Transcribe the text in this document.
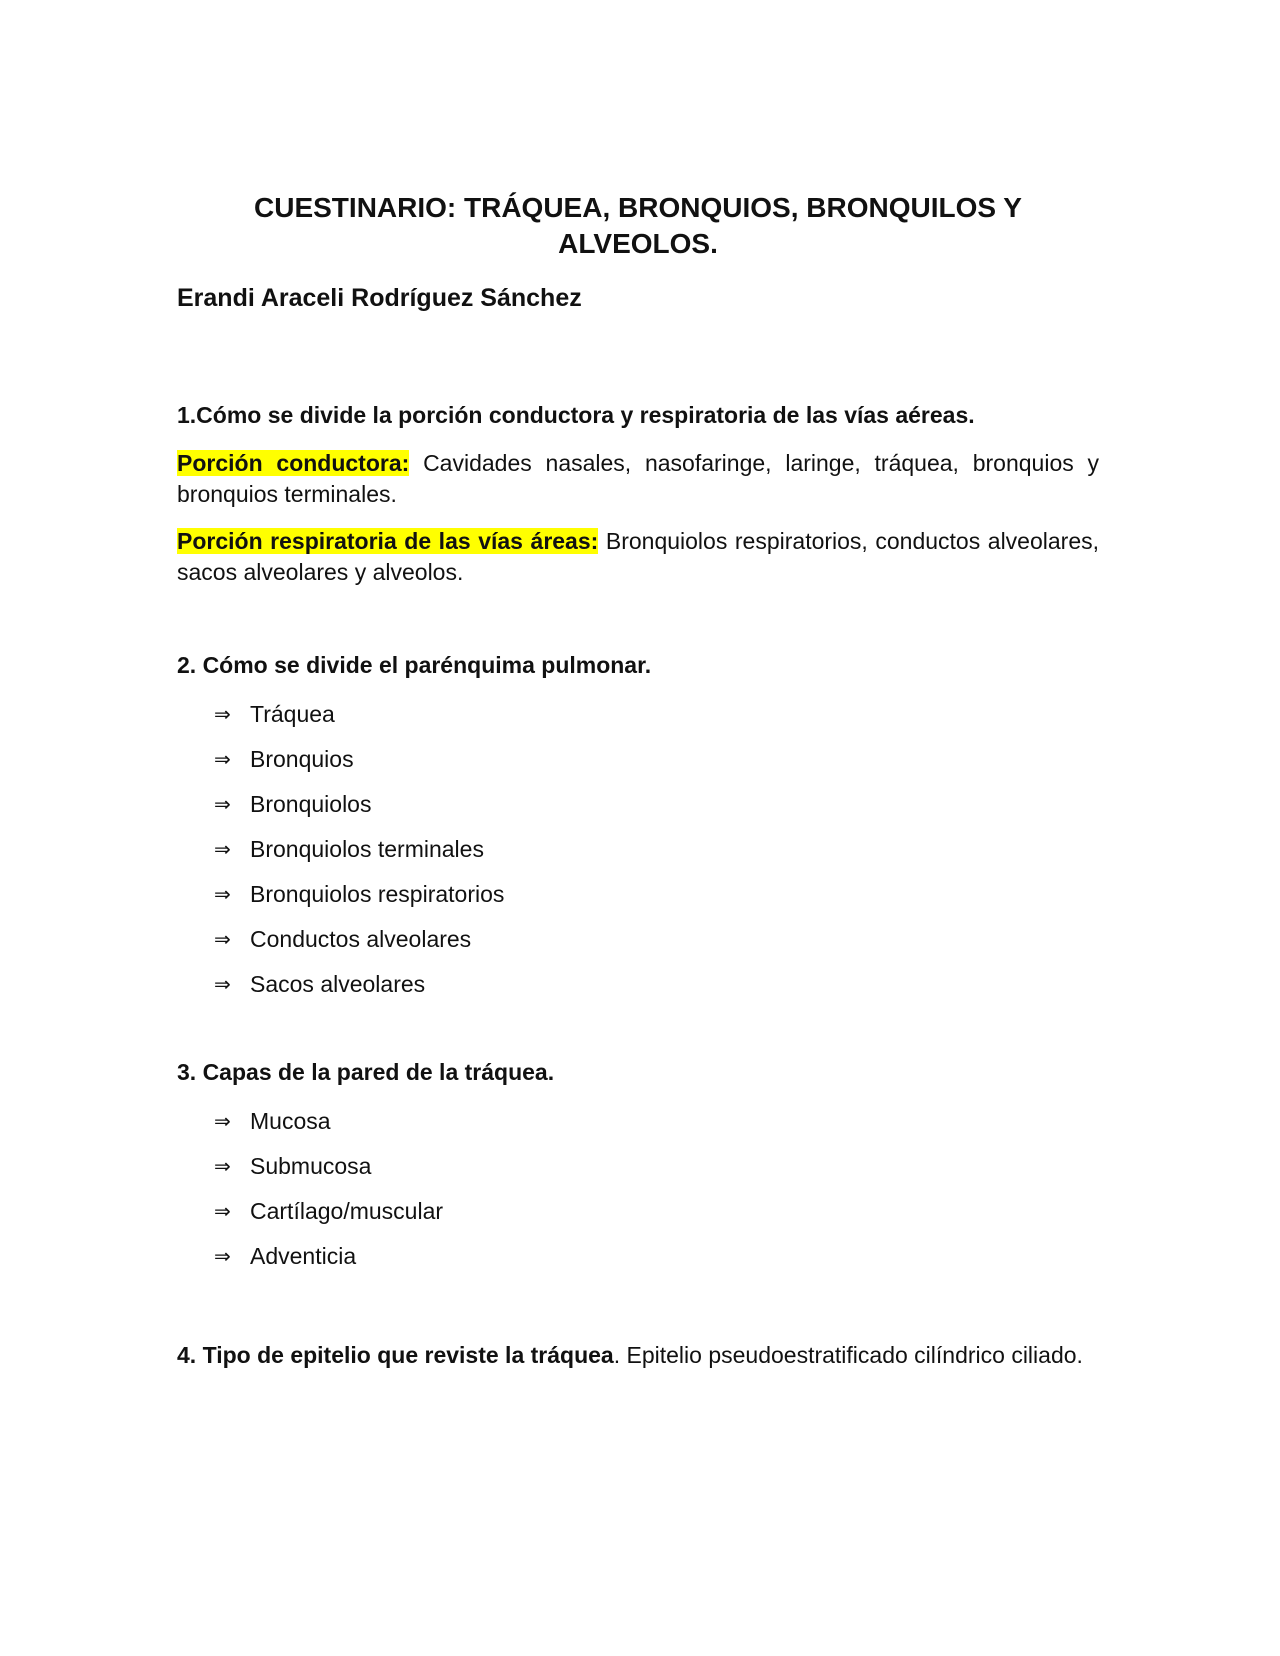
CUESTINARIO: TRÁQUEA, BRONQUIOS, BRONQUILOS Y ALVEOLOS.

Erandi Araceli Rodríguez Sánchez

1.Cómo se divide la porción conductora y respiratoria de las vías aéreas.

Porción conductora: Cavidades nasales, nasofaringe, laringe, tráquea, bronquios y bronquios terminales.

Porción respiratoria de las vías áreas: Bronquiolos respiratorios, conductos alveolares, sacos alveolares y alveolos.

2. Cómo se divide el parénquima pulmonar.

⇒ Tráquea
⇒ Bronquios
⇒ Bronquiolos
⇒ Bronquiolos terminales
⇒ Bronquiolos respiratorios
⇒ Conductos alveolares
⇒ Sacos alveolares

3. Capas de la pared de la tráquea.

⇒ Mucosa
⇒ Submucosa
⇒ Cartílago/muscular
⇒ Adventicia

4. Tipo de epitelio que reviste la tráquea. Epitelio pseudoestratificado cilíndrico ciliado.
